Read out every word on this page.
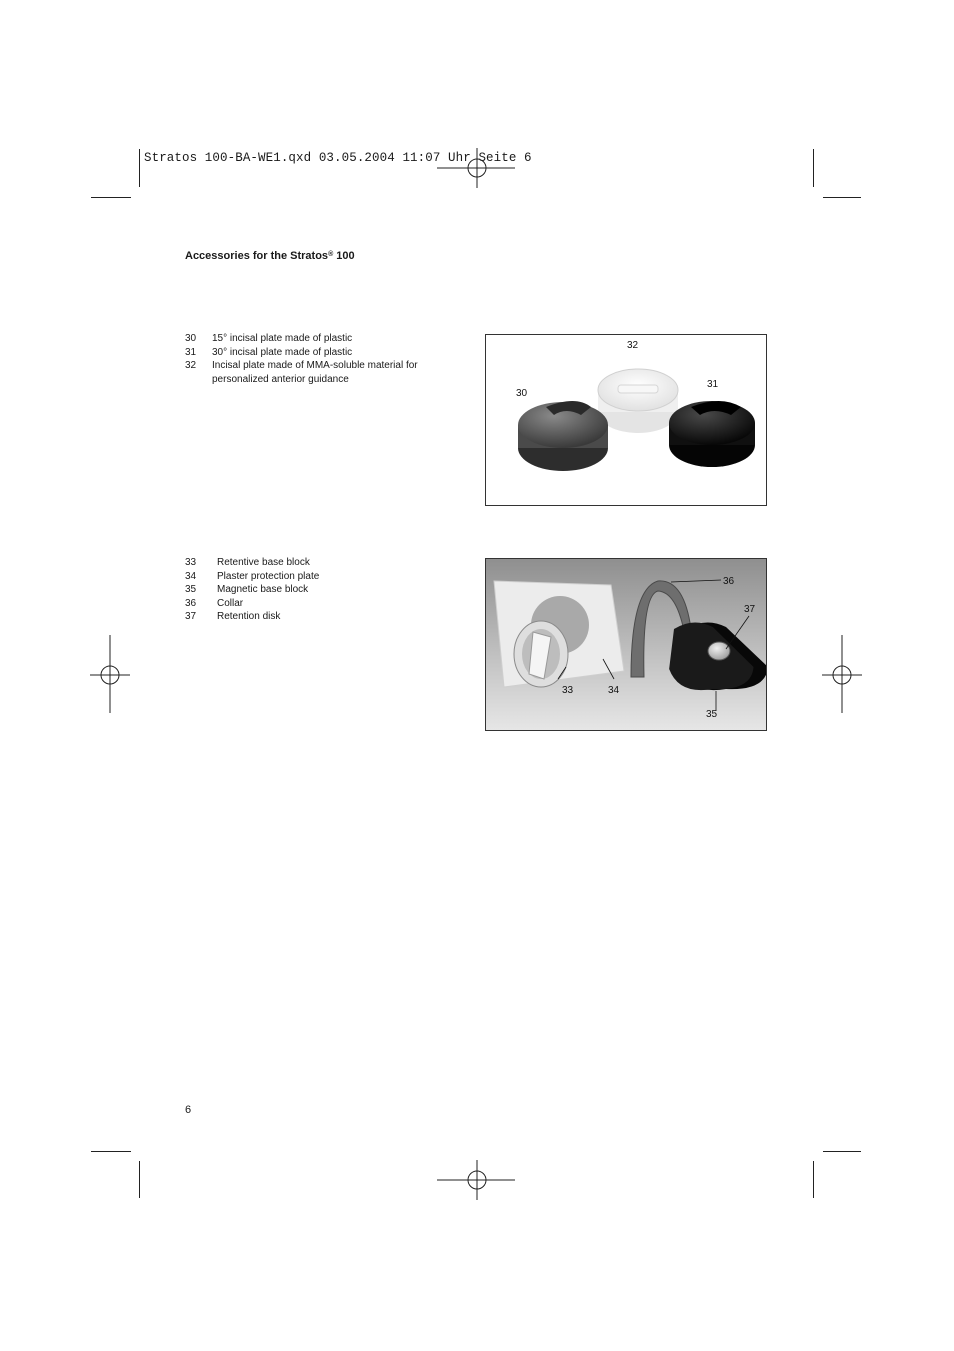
Stratos 100-BA-WE1.qxd 03.05.2004 11:07 Uhr Seite 6
Accessories for the Stratos® 100
30	15° incisal plate made of plastic
31	30° incisal plate made of plastic
32	Incisal plate made of MMA-soluble material for personalized anterior guidance
32
30
31
33	Retentive base block
34	Plaster protection plate
35	Magnetic base block
36	Collar
37	Retention disk
36
37
33	34
35
6
